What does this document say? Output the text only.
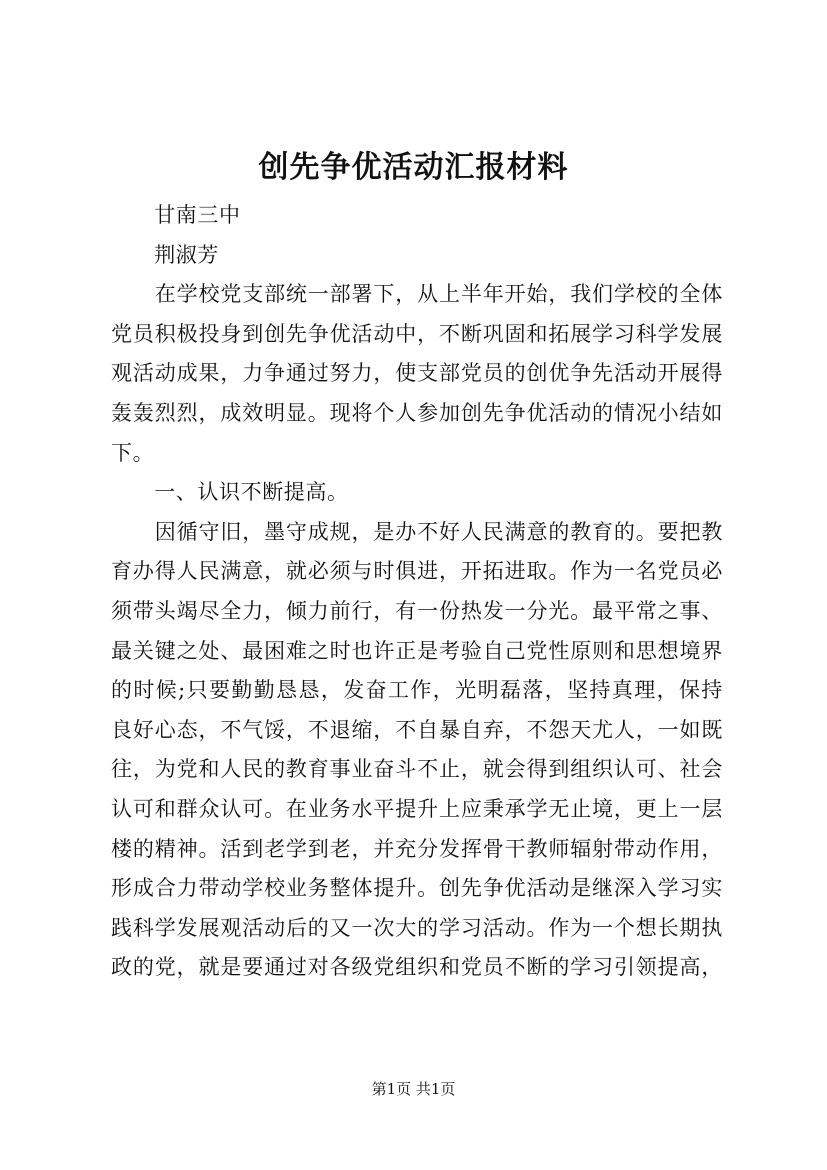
创先争优活动汇报材料
　　甘南三中
　　荆淑芳
　　在学校党支部统一部署下，从上半年开始，我们学校的全体
党员积极投身到创先争优活动中，不断巩固和拓展学习科学发展
观活动成果，力争通过努力，使支部党员的创优争先活动开展得
轰轰烈烈，成效明显。现将个人参加创先争优活动的情况小结如
下。
　　一、认识不断提高。
　　因循守旧，墨守成规，是办不好人民满意的教育的。要把教
育办得人民满意，就必须与时俱进，开拓进取。作为一名党员必
须带头竭尽全力，倾力前行，有一份热发一分光。最平常之事、
最关键之处、最困难之时也许正是考验自己党性原则和思想境界
的时候;只要勤勤恳恳，发奋工作，光明磊落，坚持真理，保持
良好心态，不气馁，不退缩，不自暴自弃，不怨天尤人，一如既
往，为党和人民的教育事业奋斗不止，就会得到组织认可、社会
认可和群众认可。在业务水平提升上应秉承学无止境，更上一层
楼的精神。活到老学到老，并充分发挥骨干教师辐射带动作用，
形成合力带动学校业务整体提升。创先争优活动是继深入学习实
践科学发展观活动后的又一次大的学习活动。作为一个想长期执
政的党，就是要通过对各级党组织和党员不断的学习引领提高，
第1页 共1页
